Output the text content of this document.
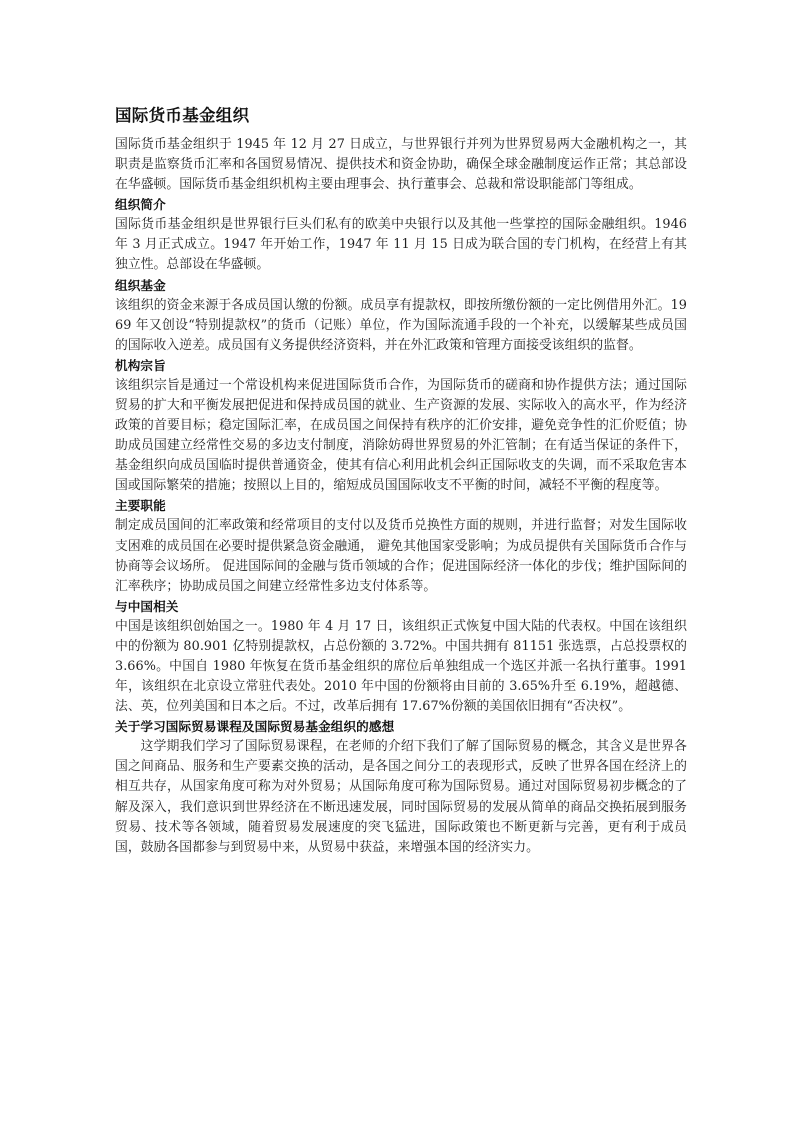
国际货币基金组织

国际货币基金组织于 1945 年 12 月 27 日成立，与世界银行并列为世界贸易两大金融机构之一，其职责是监察货币汇率和各国贸易情况、提供技术和资金协助，确保全球金融制度运作正常；其总部设在华盛顿。国际货币基金组织机构主要由理事会、执行董事会、总裁和常设职能部门等组成。

组织简介

国际货币基金组织是世界银行巨头们私有的欧美中央银行以及其他一些掌控的国际金融组织。1946 年 3 月正式成立。1947 年开始工作，1947 年 11 月 15 日成为联合国的专门机构，在经营上有其独立性。总部设在华盛顿。

组织基金

该组织的资金来源于各成员国认缴的份额。成员享有提款权，即按所缴份额的一定比例借用外汇。1969 年又创设“特别提款权”的货币（记账）单位，作为国际流通手段的一个补充，以缓解某些成员国的国际收入逆差。成员国有义务提供经济资料，并在外汇政策和管理方面接受该组织的监督。

机构宗旨

该组织宗旨是通过一个常设机构来促进国际货币合作，为国际货币的磋商和协作提供方法；通过国际贸易的扩大和平衡发展把促进和保持成员国的就业、生产资源的发展、实际收入的高水平，作为经济政策的首要目标；稳定国际汇率，在成员国之间保持有秩序的汇价安排，避免竞争性的汇价贬值；协助成员国建立经常性交易的多边支付制度，消除妨碍世界贸易的外汇管制；在有适当保证的条件下，基金组织向成员国临时提供普通资金，使其有信心利用此机会纠正国际收支的失调，而不采取危害本国或国际繁荣的措施；按照以上目的，缩短成员国国际收支不平衡的时间，减轻不平衡的程度等。

主要职能

制定成员国间的汇率政策和经常项目的支付以及货币兑换性方面的规则，并进行监督；对发生国际收支困难的成员国在必要时提供紧急资金融通， 避免其他国家受影响；为成员提供有关国际货币合作与协商等会议场所。 促进国际间的金融与货币领域的合作；促进国际经济一体化的步伐；维护国际间的汇率秩序；协助成员国之间建立经常性多边支付体系等。

与中国相关

中国是该组织创始国之一。1980 年 4 月 17 日，该组织正式恢复中国大陆的代表权。中国在该组织中的份额为 80.901 亿特别提款权，占总份额的 3.72%。中国共拥有 81151 张选票，占总投票权的 3.66%。中国自 1980 年恢复在货币基金组织的席位后单独组成一个选区并派一名执行董事。1991 年，该组织在北京设立常驻代表处。2010 年中国的份额将由目前的 3.65%升至 6.19%，超越德、法、英，位列美国和日本之后。不过，改革后拥有 17.67%份额的美国依旧拥有“否决权”。

关于学习国际贸易课程及国际贸易基金组织的感想

这学期我们学习了国际贸易课程，在老师的介绍下我们了解了国际贸易的概念，其含义是世界各国之间商品、服务和生产要素交换的活动，是各国之间分工的表现形式，反映了世界各国在经济上的相互共存，从国家角度可称为对外贸易；从国际角度可称为国际贸易。通过对国际贸易初步概念的了解及深入，我们意识到世界经济在不断迅速发展，同时国际贸易的发展从简单的商品交换拓展到服务贸易、技术等各领域，随着贸易发展速度的突飞猛进，国际政策也不断更新与完善，更有利于成员国，鼓励各国都参与到贸易中来，从贸易中获益，来增强本国的经济实力。
